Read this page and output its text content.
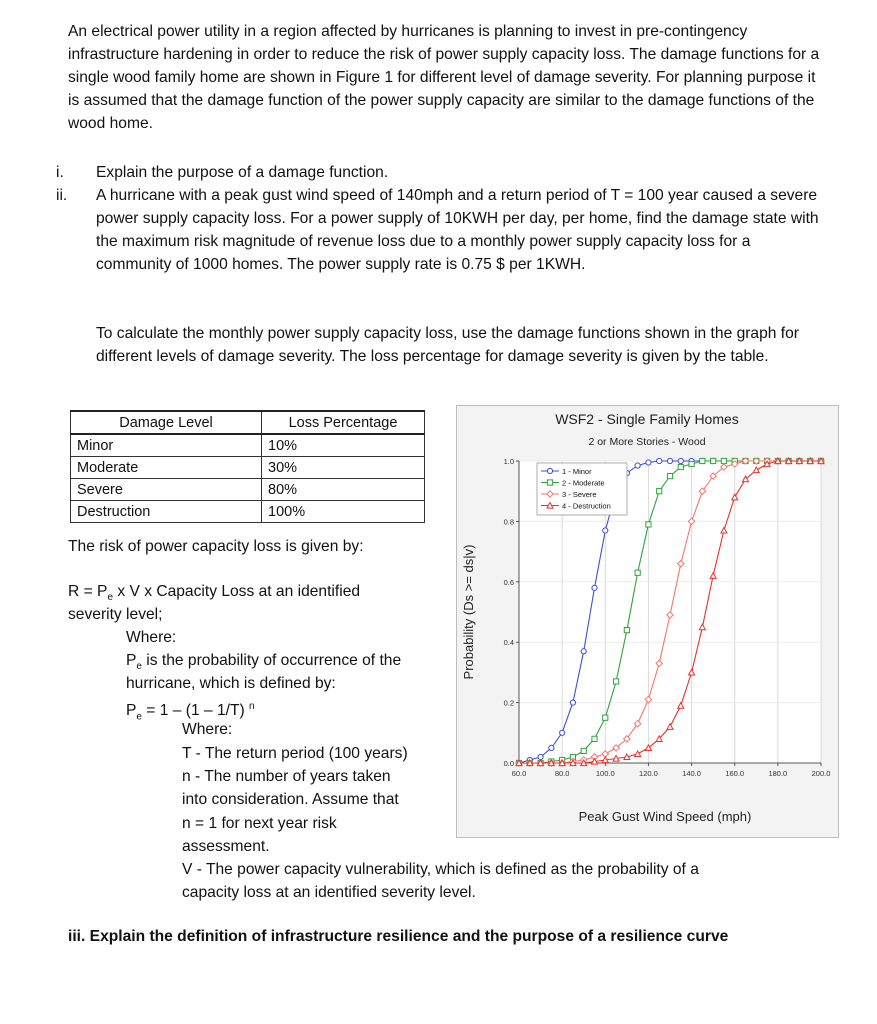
An electrical power utility in a region affected by hurricanes is planning to invest in pre-contingency infrastructure hardening in order to reduce the risk of power supply capacity loss. The damage functions for a single wood family home are shown in Figure 1 for different level of damage severity. For planning purpose it is assumed that the damage function of the power supply capacity are similar to the damage functions of the wood home.
i.	Explain the purpose of a damage function.
ii.	A hurricane with a peak gust wind speed of 140mph and a return period of T = 100 year caused a severe power supply capacity loss. For a power supply of 10KWH per day, per home, find the damage state with the maximum risk magnitude of revenue loss due to a monthly power supply capacity loss for a community of 1000 homes. The power supply rate is 0.75 $ per 1KWH.
To calculate the monthly power supply capacity loss, use the damage functions shown in the graph for different levels of damage severity. The loss percentage for damage severity is given by the table.
Damage Level	Loss Percentage
Minor	10%
Moderate	30%
Severe	80%
Destruction	100%
The risk of power capacity loss is given by:
$R = P_e$ x V x Capacity Loss at an identified
severity level;
Where:
$P_e$ is the probability of occurrence of the
hurricane, which is defined by:
$P_e = 1 - (1 - 1/T)$ $^n$
Where:
T - The return period (100 years)
n - The number of years taken
into consideration. Assume that
n = 1 for next year risk
assessment.
V - The power capacity vulnerability, which is defined as the probability of a
capacity loss at an identified severity level.
iii. Explain the definition of infrastructure resilience and the purpose of a resilience curve
WSF2 - Single Family Homes
2 or More Stories - Wood
60.0	80.0	100.0	120.0	140.0	160.0	180.0	200.0
0.0
0.2
0.4
0.6
0.8
1.0
Peak Gust Wind Speed (mph)
Probability (Ds >= ds|v)
1 - Minor
2 - Moderate
3 - Severe
4 - Destruction
